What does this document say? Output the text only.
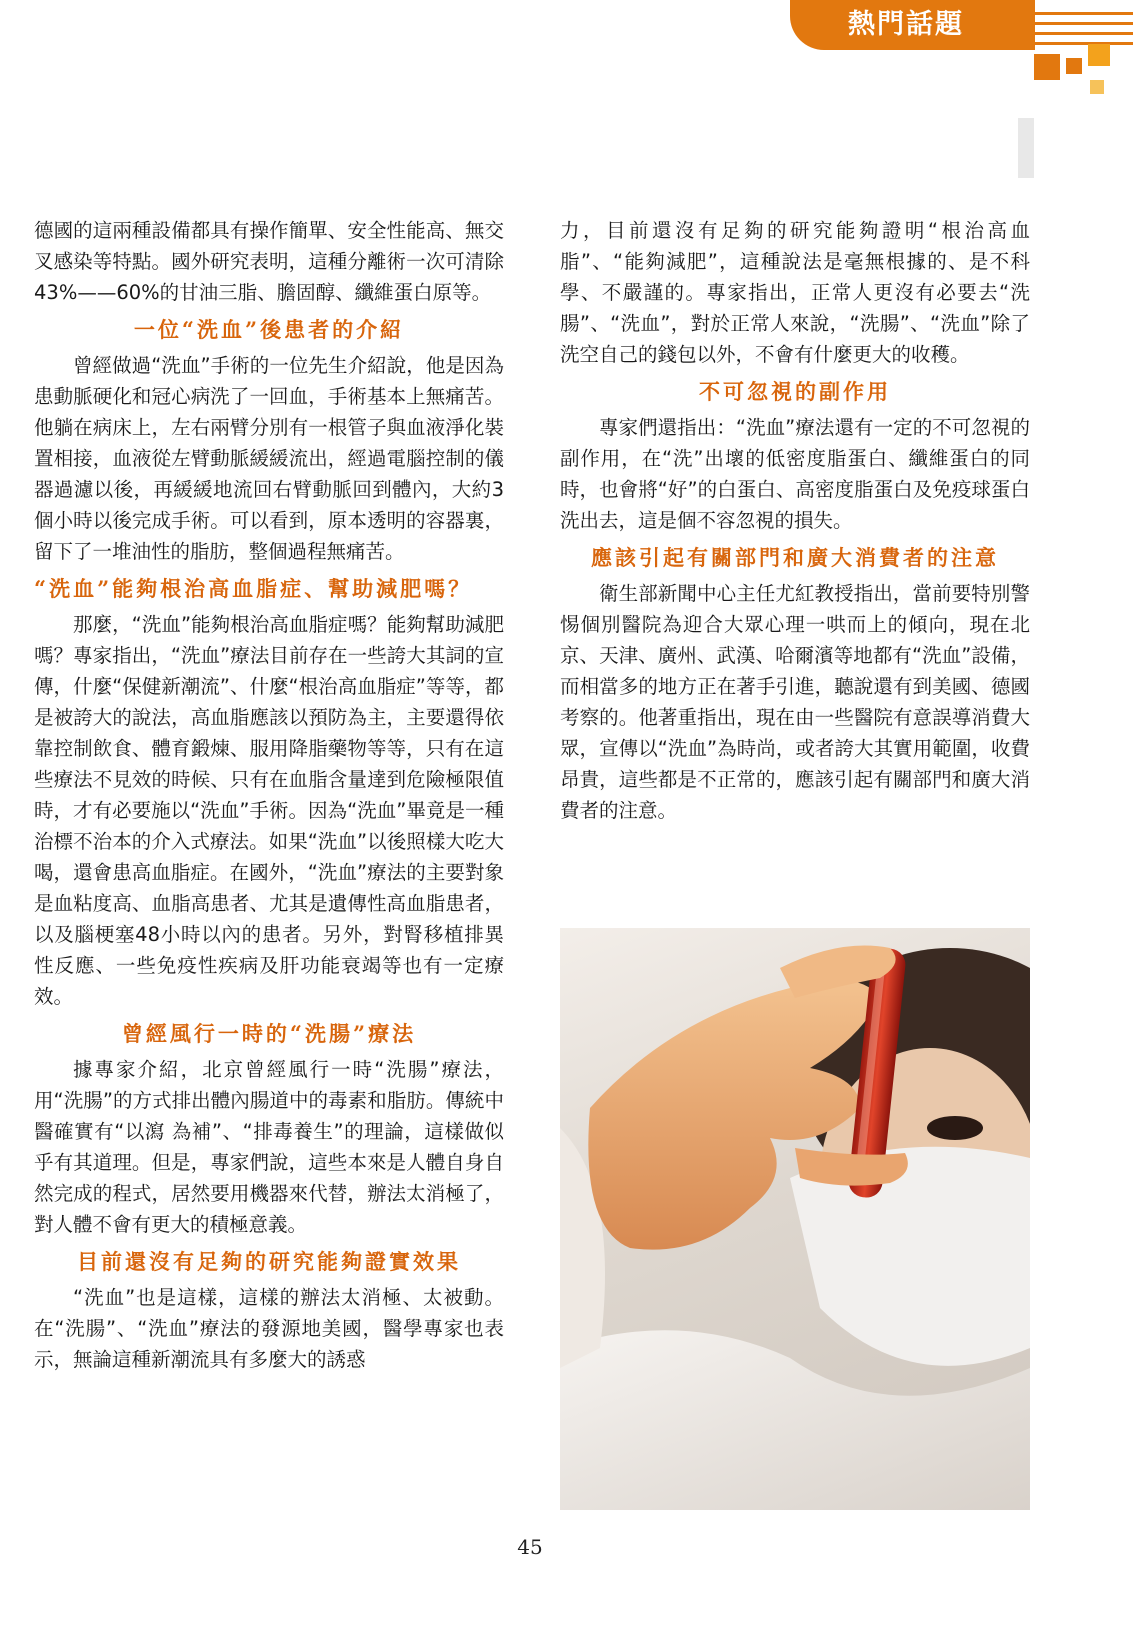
熱門話題

德國的這兩種設備都具有操作簡單、安全性能高、無交叉感染等特點。國外研究表明，這種分離術一次可清除43%——60%的甘油三脂、膽固醇、纖維蛋白原等。

一位“洗血”後患者的介紹

曾經做過“洗血”手術的一位先生介紹說，他是因為患動脈硬化和冠心病洗了一回血，手術基本上無痛苦。他躺在病床上，左右兩臂分別有一根管子與血液淨化裝置相接，血液從左臂動脈緩緩流出，經過電腦控制的儀器過濾以後，再緩緩地流回右臂動脈回到體內，大約3個小時以後完成手術。可以看到，原本透明的容器裏，留下了一堆油性的脂肪，整個過程無痛苦。

“洗血”能夠根治高血脂症、幫助減肥嗎？

那麼，“洗血”能夠根治高血脂症嗎？能夠幫助減肥嗎？專家指出，“洗血”療法目前存在一些誇大其詞的宣傳，什麼“保健新潮流”、什麼“根治高血脂症”等等，都是被誇大的說法，高血脂應該以預防為主，主要還得依靠控制飲食、體育鍛煉、服用降脂藥物等等，只有在這些療法不見效的時候、只有在血脂含量達到危險極限值時，才有必要施以“洗血”手術。因為“洗血”畢竟是一種治標不治本的介入式療法。如果“洗血”以後照樣大吃大喝，還會患高血脂症。在國外，“洗血”療法的主要對象是血粘度高、血脂高患者、尤其是遺傳性高血脂患者，以及腦梗塞48小時以內的患者。另外，對腎移植排異性反應、一些免疫性疾病及肝功能衰竭等也有一定療效。

曾經風行一時的“洗腸”療法

據專家介紹，北京曾經風行一時“洗腸”療法，用“洗腸”的方式排出體內腸道中的毒素和脂肪。傳統中醫確實有“以瀉 為補”、“排毒養生”的理論，這樣做似乎有其道理。但是，專家們說，這些本來是人體自身自然完成的程式，居然要用機器來代替，辦法太消極了，對人體不會有更大的積極意義。

目前還沒有足夠的研究能夠證實效果

“洗血”也是這樣，這樣的辦法太消極、太被動。在“洗腸”、“洗血”療法的發源地美國，醫學專家也表示，無論這種新潮流具有多麼大的誘惑

力，目前還沒有足夠的研究能夠證明“根治高血脂”、“能夠減肥”，這種說法是毫無根據的、是不科學、不嚴謹的。專家指出，正常人更沒有必要去“洗腸”、“洗血”，對於正常人來說，“洗腸”、“洗血”除了洗空自己的錢包以外，不會有什麼更大的收穫。

不可忽視的副作用

專家們還指出：“洗血”療法還有一定的不可忽視的副作用，在“洗”出壞的低密度脂蛋白、纖維蛋白的同時，也會將“好”的白蛋白、高密度脂蛋白及免疫球蛋白洗出去，這是個不容忽視的損失。

應該引起有關部門和廣大消費者的注意

衛生部新聞中心主任尤紅教授指出，當前要特別警惕個別醫院為迎合大眾心理一哄而上的傾向，現在北京、天津、廣州、武漢、哈爾濱等地都有“洗血”設備，而相當多的地方正在著手引進，聽說還有到美國、德國考察的。他著重指出，現在由一些醫院有意誤導消費大眾，宣傳以“洗血”為時尚，或者誇大其實用範圍，收費昂貴，這些都是不正常的，應該引起有關部門和廣大消費者的注意。

45
